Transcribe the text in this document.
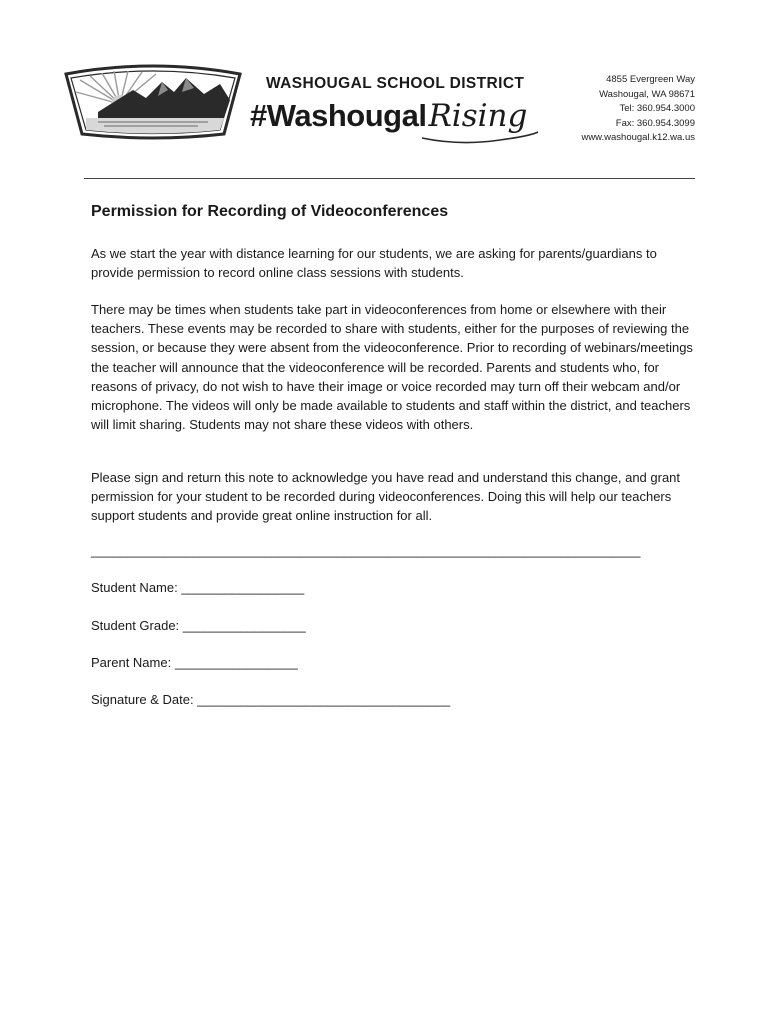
WASHOUGAL SCHOOL DISTRICT
#WashougalRising
4855 Evergreen Way
Washougal, WA 98671
Tel: 360.954.3000
Fax: 360.954.3099
www.washougal.k12.wa.us
Permission for Recording of Videoconferences
As we start the year with distance learning for our students, we are asking for parents/guardians to provide permission to record online class sessions with students.
There may be times when students take part in videoconferences from home or elsewhere with their teachers. These events may be recorded to share with students, either for the purposes of reviewing the session, or because they were absent from the videoconference. Prior to recording of webinars/meetings the teacher will announce that the videoconference will be recorded. Parents and students who, for reasons of privacy, do not wish to have their image or voice recorded may turn off their webcam and/or microphone. The videos will only be made available to students and staff within the district, and teachers will limit sharing. Students may not share these videos with others.
Please sign and return this note to acknowledge you have read and understand this change, and grant permission for your student to be recorded during videoconferences. Doing this will help our teachers support students and provide great online instruction for all.
____________________________________________________________________________
Student Name: _________________
Student Grade: _________________
Parent Name: _________________
Signature & Date: ___________________________________
